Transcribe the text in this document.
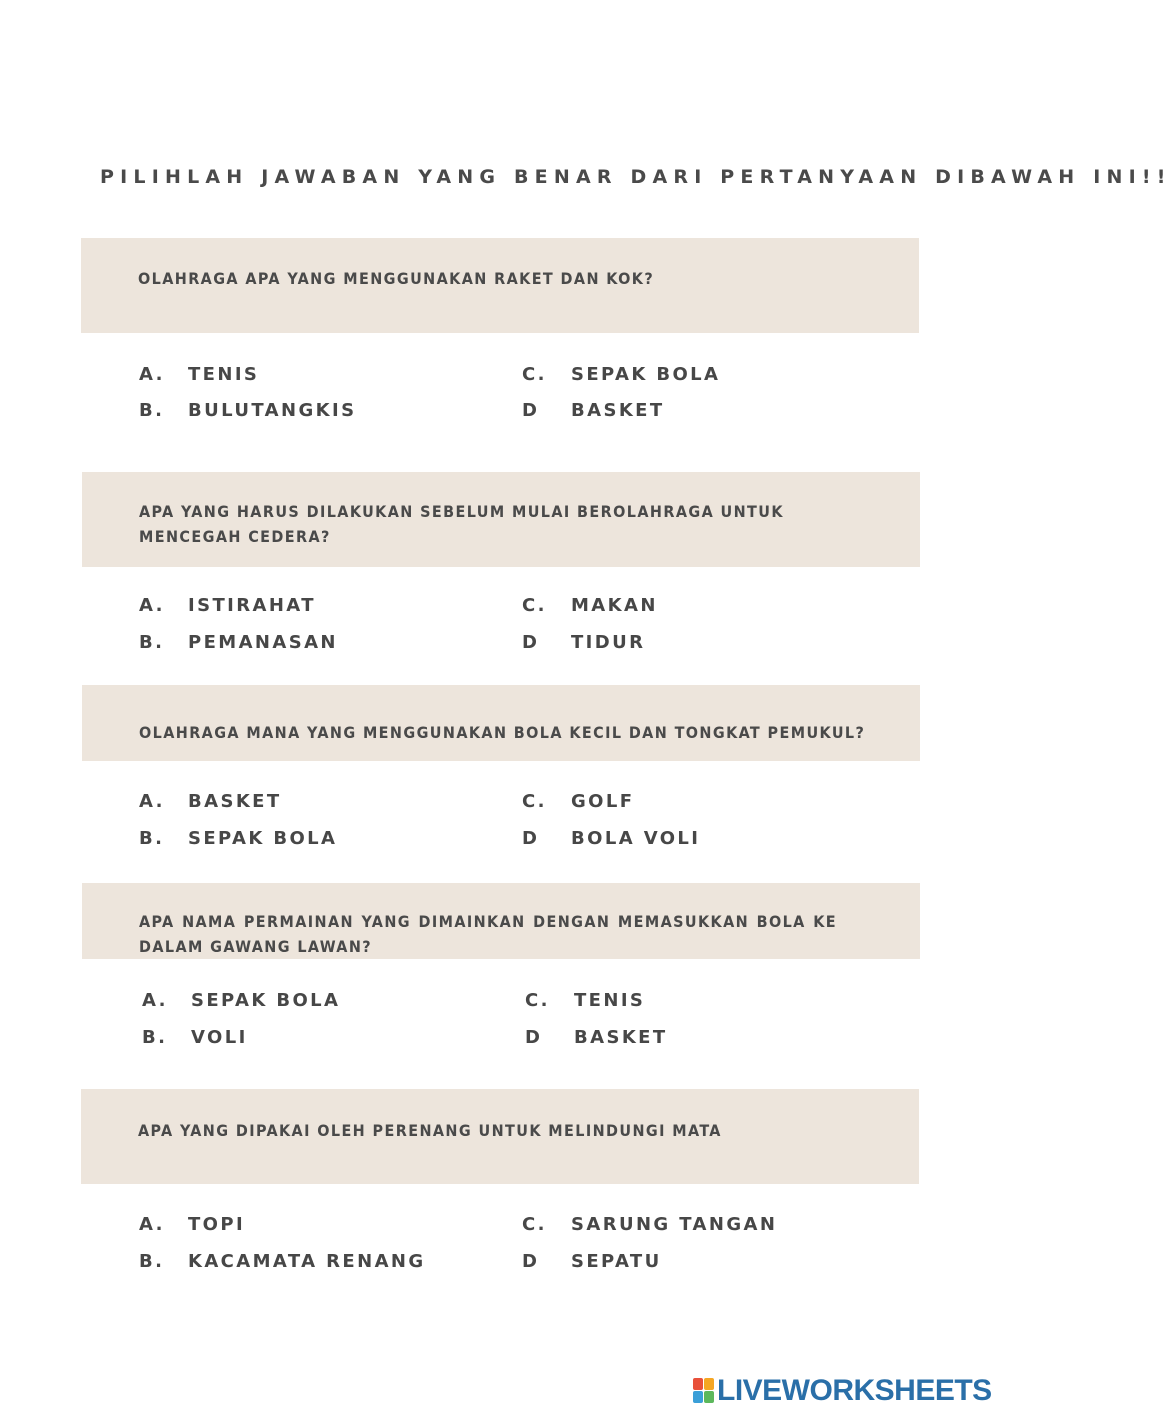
PILIHLAH JAWABAN YANG BENAR DARI PERTANYAAN DIBAWAH INI!!
OLAHRAGA APA YANG MENGGUNAKAN RAKET DAN KOK?
A. TENIS
B. BULUTANGKIS
C. SEPAK BOLA
D BASKET
APA YANG HARUS DILAKUKAN SEBELUM MULAI BEROLAHRAGA UNTUK MENCEGAH CEDERA?
A. ISTIRAHAT
B. PEMANASAN
C. MAKAN
D TIDUR
OLAHRAGA MANA YANG MENGGUNAKAN BOLA KECIL DAN TONGKAT PEMUKUL?
A. BASKET
B. SEPAK BOLA
C. GOLF
D BOLA VOLI
APA NAMA PERMAINAN YANG DIMAINKAN DENGAN MEMASUKKAN BOLA KE DALAM GAWANG LAWAN?
A. SEPAK BOLA
B. VOLI
C. TENIS
D BASKET
APA YANG DIPAKAI OLEH PERENANG UNTUK MELINDUNGI MATA
A. TOPI
B. KACAMATA RENANG
C. SARUNG TANGAN
D SEPATU
LIVEWORKSHEETS
